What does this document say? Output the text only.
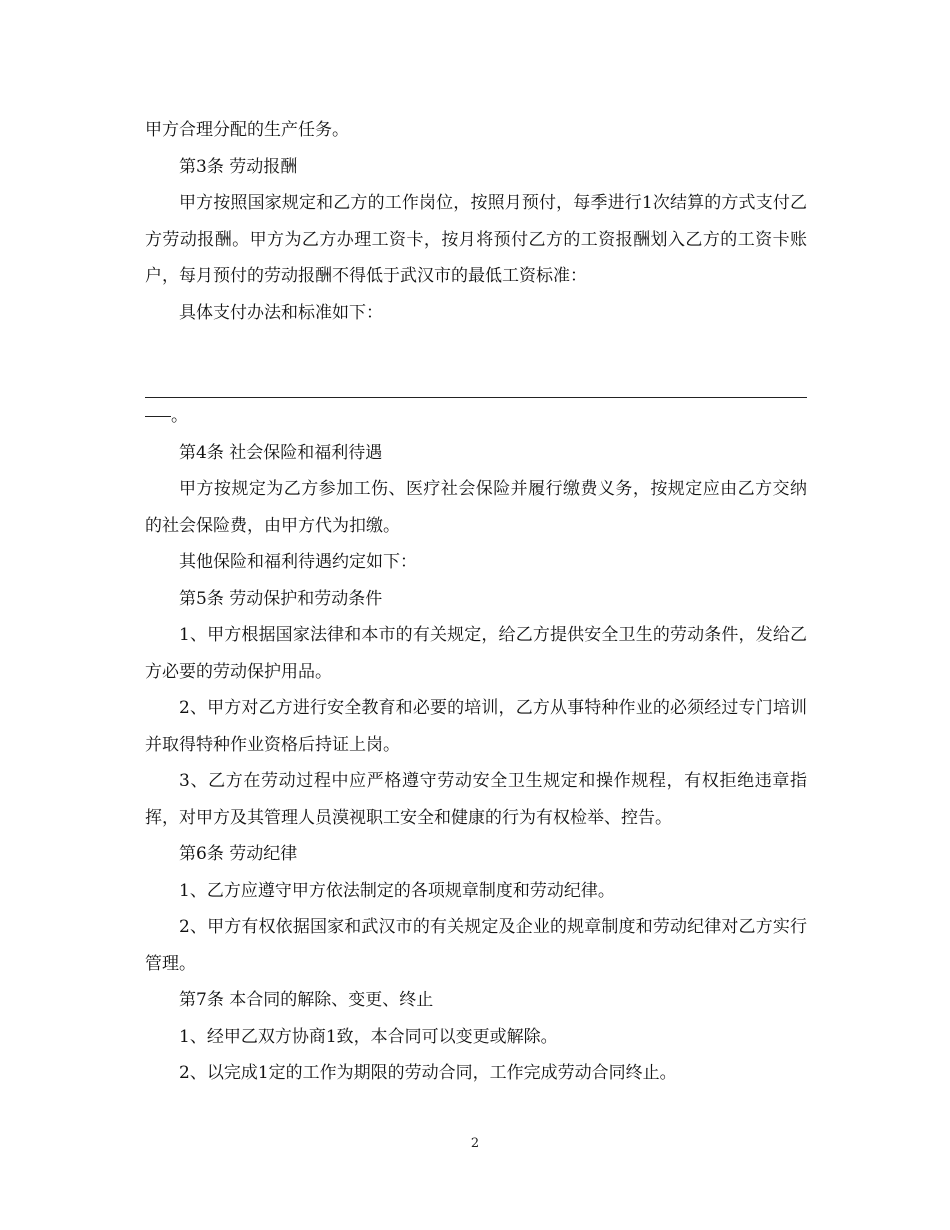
甲方合理分配的生产任务。

第3条 劳动报酬

甲方按照国家规定和乙方的工作岗位，按照月预付，每季进行1次结算的方式支付乙方劳动报酬。甲方为乙方办理工资卡，按月将预付乙方的工资报酬划入乙方的工资卡账户，每月预付的劳动报酬不得低于武汉市的最低工资标准：

具体支付办法和标准如下：

。

第4条 社会保险和福利待遇

甲方按规定为乙方参加工伤、医疗社会保险并履行缴费义务，按规定应由乙方交纳的社会保险费，由甲方代为扣缴。

其他保险和福利待遇约定如下：

第5条 劳动保护和劳动条件

1、甲方根据国家法律和本市的有关规定，给乙方提供安全卫生的劳动条件，发给乙方必要的劳动保护用品。

2、甲方对乙方进行安全教育和必要的培训，乙方从事特种作业的必须经过专门培训并取得特种作业资格后持证上岗。

3、乙方在劳动过程中应严格遵守劳动安全卫生规定和操作规程，有权拒绝违章指挥，对甲方及其管理人员漠视职工安全和健康的行为有权检举、控告。

第6条 劳动纪律

1、乙方应遵守甲方依法制定的各项规章制度和劳动纪律。

2、甲方有权依据国家和武汉市的有关规定及企业的规章制度和劳动纪律对乙方实行管理。

第7条 本合同的解除、变更、终止

1、经甲乙双方协商1致，本合同可以变更或解除。

2、以完成1定的工作为期限的劳动合同，工作完成劳动合同终止。

2
